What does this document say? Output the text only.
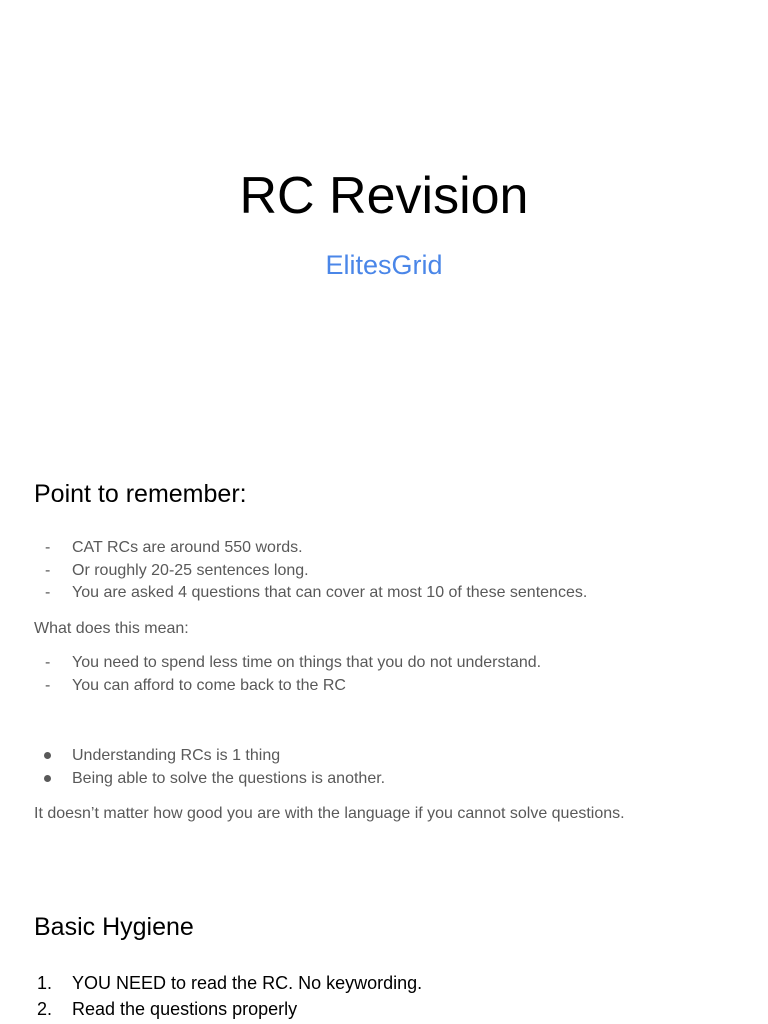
RC Revision
ElitesGrid
Point to remember:
-	CAT RCs are around 550 words.
-	Or roughly 20-25 sentences long.
-	You are asked 4 questions that can cover at most 10 of these sentences.

What does this mean:

-	You need to spend less time on things that you do not understand.
-	You can afford to come back to the RC
Understanding RCs is 1 thing
Being able to solve the questions is another.

It doesn’t matter how good you are with the language if you cannot solve questions.

Basic Hygiene
1. YOU NEED to read the RC. No keywording.
2. Read the questions properly
